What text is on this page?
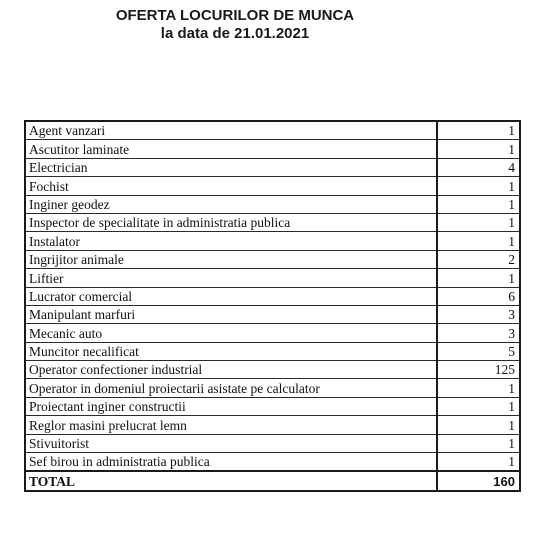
OFERTA LOCURILOR DE MUNCA
la data de 21.01.2021
Agent vanzari	1
Ascutitor laminate	1
Electrician	4
Fochist	1
Inginer geodez	1
Inspector de specialitate in administratia publica	1
Instalator	1
Ingrijitor animale	2
Liftier	1
Lucrator comercial	6
Manipulant marfuri	3
Mecanic auto	3
Muncitor necalificat	5
Operator confectioner industrial	125
Operator in domeniul proiectarii asistate pe calculator	1
Proiectant inginer constructii	1
Reglor masini prelucrat lemn	1
Stivuitorist	1
Sef birou in administratia publica	1
TOTAL	160
